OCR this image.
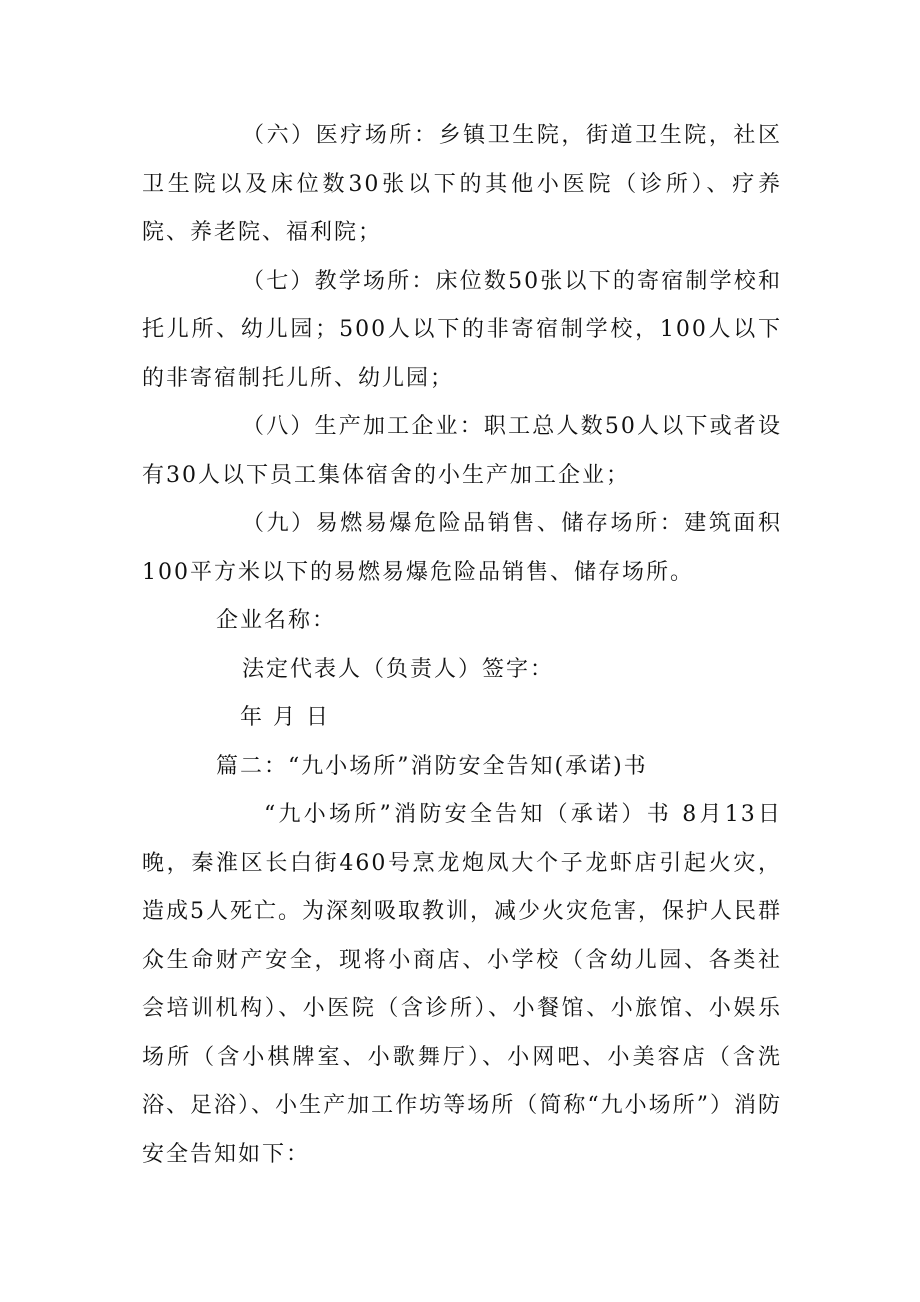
（六）医疗场所：乡镇卫生院，街道卫生院，社区卫生院以及床位数30张以下的其他小医院（诊所）、疗养院、养老院、福利院；

（七）教学场所：床位数50张以下的寄宿制学校和托儿所、幼儿园；500人以下的非寄宿制学校，100人以下的非寄宿制托儿所、幼儿园；

（八）生产加工企业：职工总人数50人以下或者设有30人以下员工集体宿舍的小生产加工企业；

（九）易燃易爆危险品销售、储存场所：建筑面积100平方米以下的易燃易爆危险品销售、储存场所。

企业名称：

法定代表人（负责人）签字：

年 月 日

篇二：“九小场所”消防安全告知(承诺)书

“九小场所”消防安全告知（承诺）书 8月13日晚，秦淮区长白街460号烹龙炮凤大个子龙虾店引起火灾，造成5人死亡。为深刻吸取教训，减少火灾危害，保护人民群众生命财产安全，现将小商店、小学校（含幼儿园、各类社会培训机构）、小医院（含诊所）、小餐馆、小旅馆、小娱乐场所（含小棋牌室、小歌舞厅）、小网吧、小美容店（含洗浴、足浴）、小生产加工作坊等场所（简称“九小场所”）消防安全告知如下：
